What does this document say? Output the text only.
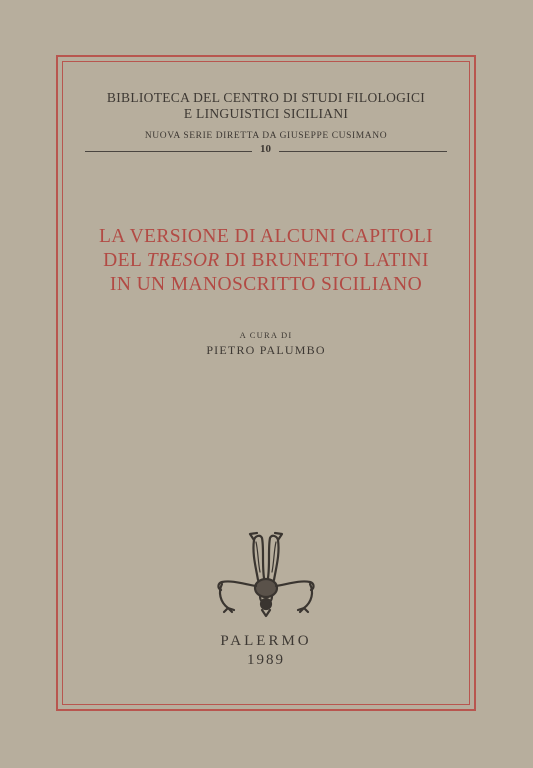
BIBLIOTECA DEL CENTRO DI STUDI FILOLOGICI
E LINGUISTICI SICILIANI
NUOVA SERIE DIRETTA DA GIUSEPPE CUSIMANO
10
LA VERSIONE DI ALCUNI CAPITOLI
DEL TRESOR DI BRUNETTO LATINI
IN UN MANOSCRITTO SICILIANO
A CURA DI
PIETRO PALUMBO
PALERMO
1989
